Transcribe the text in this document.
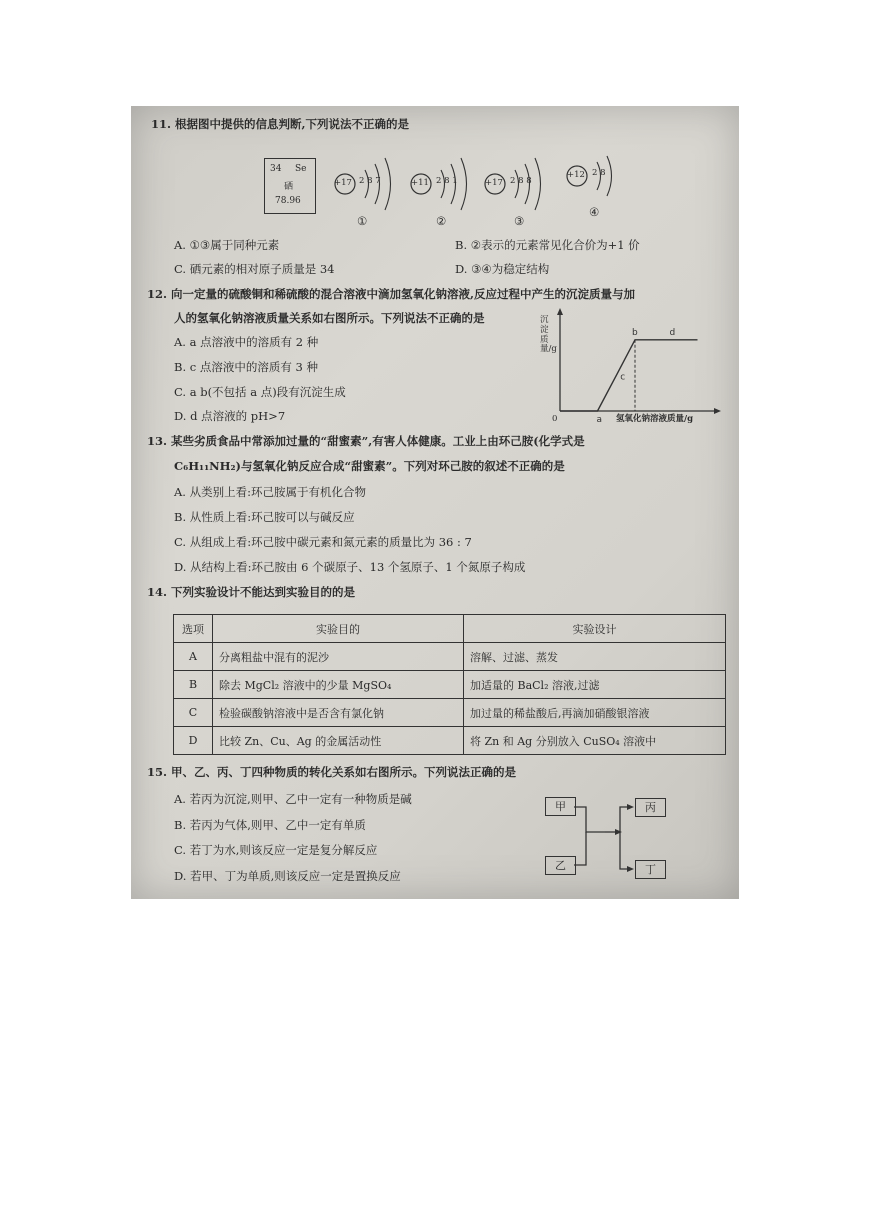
11. 根据图中提供的信息判断,下列说法不正确的是
34 Se
硒
78.96
+17 2 8 7
①
+11 2 8 1
②
+17 2 8 8
③
+12 2 8
④
A. ①③属于同种元素	B. ②表示的元素常见化合价为+1 价
C. 硒元素的相对原子质量是 34	D. ③④为稳定结构
12. 向一定量的硫酸铜和稀硫酸的混合溶液中滴加氢氧化钠溶液,反应过程中产生的沉淀质量与加
人的氢氧化钠溶液质量关系如右图所示。下列说法不正确的是
A. a 点溶液中的溶质有 2 种
B. c 点溶液中的溶质有 3 种
C. a b(不包括 a 点)段有沉淀生成
D. d 点溶液的 pH>7
沉淀质量/g
a
c
b	d
0	氢氧化钠溶液质量/g
13. 某些劣质食品中常添加过量的“甜蜜素”,有害人体健康。工业上由环己胺(化学式是
C₆H₁₁NH₂)与氢氧化钠反应合成“甜蜜素”。下列对环己胺的叙述不正确的是
A. 从类别上看:环己胺属于有机化合物
B. 从性质上看:环己胺可以与碱反应
C. 从组成上看:环己胺中碳元素和氮元素的质量比为 36 : 7
D. 从结构上看:环己胺由 6 个碳原子、13 个氢原子、1 个氮原子构成
14. 下列实验设计不能达到实验目的的是
选项	实验目的	实验设计
A	分离粗盐中混有的泥沙	溶解、过滤、蒸发
B	除去 MgCl₂ 溶液中的少量 MgSO₄	加适量的 BaCl₂ 溶液,过滤
C	检验碳酸钠溶液中是否含有氯化钠	加过量的稀盐酸后,再滴加硝酸银溶液
D	比较 Zn、Cu、Ag 的金属活动性	将 Zn 和 Ag 分别放入 CuSO₄ 溶液中
15. 甲、乙、丙、丁四种物质的转化关系如右图所示。下列说法正确的是
A. 若丙为沉淀,则甲、乙中一定有一种物质是碱
B. 若丙为气体,则甲、乙中一定有单质
C. 若丁为水,则该反应一定是复分解反应
D. 若甲、丁为单质,则该反应一定是置换反应
甲
乙
丙
丁
